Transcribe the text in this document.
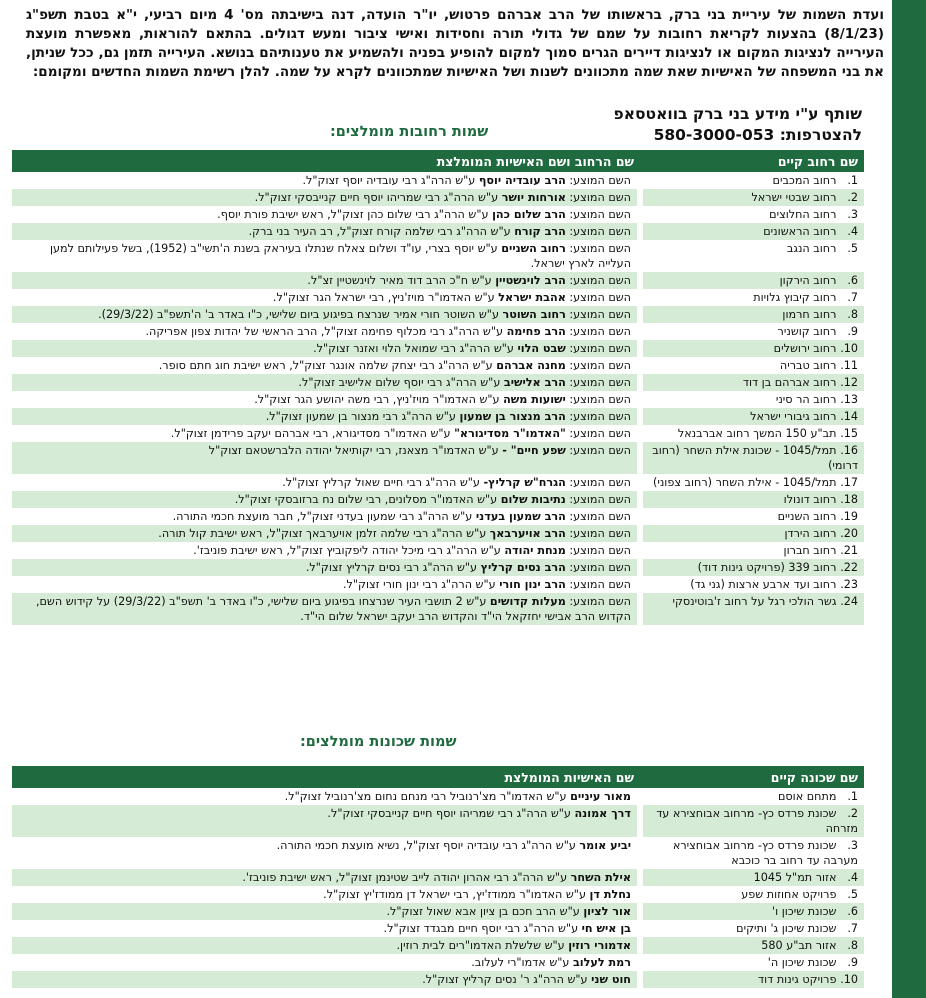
ועדת השמות של עיריית בני ברק, בראשותו של הרב אברהם פרטוש, יו"ר הועדה, דנה בישיבתה מס' 4 מיום רביעי, י"א בטבת תשפ"ג (8/1/23) בהצעות לקריאת רחובות על שמם של גדולי תורה וחסידות ואישי ציבור ומעש דגולים. בהתאם להוראות, מאפשרת מועצת העירייה לנציגות המקום או לנציגות דיירים הגרים סמוך למקום להופיע בפניה ולהשמיע את טענותיהם בנושא. העירייה תזמן גם, ככל שניתן, את בני המשפחה של האישיות שאת שמה מתכוונים לשנות ושל האישיות שמתכוונים לקרא על שמה. להלן רשימת השמות החדשים ומקומם:
שותף ע"י מידע בני ברק בוואטסאפ
להצטרפות: 580-3000-053
שמות רחובות מומלצים:
שם רחוב קיים	שם הרחוב ושם האישיות המומלצת
1. רחוב המכבים	השם המוצע: הרב עובדיה יוסף ע"ש הרה"ג רבי עובדיה יוסף זצוק"ל.
2. רחוב שבטי ישראל	השם המוצע: אורחות יושר ע"ש הרה"ג רבי שמריהו יוסף חיים קנייבסקי זצוק"ל.
3. רחוב החלוצים	השם המוצע: הרב שלום כהן ע"ש הרה"ג רבי שלום כהן זצוק"ל, ראש ישיבת פורת יוסף.
4. רחוב הראשונים	השם המוצע: הרב קורח ע"ש הרה"ג רבי שלמה קורח זצוק"ל, רב העיר בני ברק.
5. רחוב הנגב	השם המוצע: רחוב השניים ע"ש יוסף בצרי, עו"ד ושלום צאלח שנתלו בעיראק בשנת ה'תשי"ב (1952), בשל פעילותם למען העלייה לארץ ישראל.
6. רחוב הירקון	השם המוצע: הרב לוינשטיין ע"ש ח"כ הרב דוד מאיר לוינשטיין זצ"ל.
7. רחוב קיבוץ גלויות	השם המוצע: אהבת ישראל ע"ש האדמו"ר מויז'ניץ, רבי ישראל הגר זצוק"ל.
8. רחוב חרמון	השם המוצע: רחוב השוטר ע"ש השוטר חורי אמיר שנרצח בפיגוע ביום שלישי, כ"ו באדר ב' ה'תשפ"ב (29/3/22).
9. רחוב קושניר	השם המוצע: הרב פחימה ע"ש הרה"ג רבי מכלוף פחימה זצוק"ל, הרב הראשי של יהדות צפון אפריקה.
10. רחוב ירושלים	השם המוצע: שבט הלוי ע"ש הרה"ג רבי שמואל הלוי ואזנר זצוק"ל.
11. רחוב טבריה	השם המוצע: מחנה אברהם ע"ש הרה"ג רבי יצחק שלמה אונגר זצוק"ל, ראש ישיבת חוג חתם סופר.
12. רחוב אברהם בן דוד	השם המוצע: הרב אלישיב ע"ש הרה"ג רבי יוסף שלום אלישיב זצוק"ל.
13. רחוב הר סיני	השם המוצע: ישועות משה ע"ש האדמו"ר מויז'ניץ, רבי משה יהושע הגר זצוק"ל.
14. רחוב גיבורי ישראל	השם המוצע: הרב מנצור בן שמעון ע"ש הרה"ג רבי מנצור בן שמעון זצוק"ל.
15. תב"ע 150 המשך רחוב אברבנאל	השם המוצע: "האדמו"ר מסדיגורא" ע"ש האדמו"ר מסדיגורא, רבי אברהם יעקב פרידמן זצוק"ל.
16. תמל/1045 - שכונת אילת השחר (רחוב דרומי)	השם המוצע: שפע חיים" - ע"ש האדמו"ר מצאנז, רבי יקותיאל יהודה הלברשטאם זצוק"ל
17. תמל/1045 - אילת השחר (רחוב צפוני)	השם המוצע: הגרח"ש קרליץ- ע"ש הרה"ג רבי חיים שאול קרליץ זצוק"ל.
18. רחוב דונולו	השם המוצע: נתיבות שלום ע"ש האדמו"ר מסלונים, רבי שלום נח ברזובסקי זצוק"ל.
19. רחוב השניים	השם המוצע: הרב שמעון בעדני ע"ש הרה"ג רבי שמעון בעדני זצוק"ל, חבר מועצת חכמי התורה.
20. רחוב הירדן	השם המוצע: הרב אויערבאך ע"ש הרה"ג רבי שלמה זלמן אויערבאך זצוק"ל, ראש ישיבת קול תורה.
21. רחוב חברון	השם המוצע: מנחת יהודה ע"ש הרה"ג רבי מיכל יהודה ליפקוביץ זצוק"ל, ראש ישיבת פוניבז'.
22. רחוב 339 (פרויקט גינות דוד)	השם המוצע: הרב נסים קרליץ ע"ש הרה"ג רבי נסים קרליץ זצוק"ל.
23. רחוב ועד ארבע ארצות (גני גד)	השם המוצע: הרב ינון חורי ע"ש הרה"ג רבי ינון חורי זצוק"ל.
24. גשר הולכי רגל על רחוב ז'בוטינסקי	השם המוצע: מעלות קדושים ע"ש 2 תושבי העיר שנרצחו בפיגוע ביום שלישי, כ"ו באדר ב' תשפ"ב (29/3/22) על קידוש השם, הקדוש הרב אבישי יחזקאל הי"ד והקדוש הרב יעקב ישראל שלום הי"ד.
שמות שכונות מומלצים:
שם שכונה קיים	שם האישיות המומלצת
1. מתחם אוסם	מאור עיניים ע"ש האדמו"ר מצ'רנוביל רבי מנחם נחום מצ'רנוביל זצוק"ל.
2. שכונת פרדס כץ- מרחוב אבוחצירא עד מזרחה	דרך אמונה ע"ש הרה"ג רבי שמריהו יוסף חיים קנייבסקי זצוק"ל.
3. שכונת פרדס כץ- מרחוב אבוחצירא מערבה עד רחוב בר כוכבא	יביע אומר ע"ש הרה"ג רבי עובדיה יוסף זצוק"ל, נשיא מועצת חכמי התורה.
4. אזור תמ"ל 1045	אילת השחר ע"ש הרה"ג רבי אהרון יהודה לייב שטינמן זצוק"ל, ראש ישיבת פוניבז'.
5. פרויקט אחוזות שפע	נחלת דן ע"ש האדמו"ר ממודז'יץ, רבי ישראל דן ממודז'יץ זצוק"ל.
6. שכונת שיכון ו'	אור לציון ע"ש הרב חכם בן ציון אבא שאול זצוק"ל.
7. שכונת שיכון ג' ותיקים	בן איש חי ע"ש הרה"ג רבי יוסף חיים מבגדד זצוק"ל.
8. אזור תב"ע 580	אדמורי רוזין ע"ש שלשלת האדמו"רים לבית רוזין.
9. שכונת שיכון ה'	רמת לעלוב ע"ש אדמו"רי לעלוב.
10. פרויקט גינות דוד	חוט שני ע"ש הרה"ג ר' נסים קרליץ זצוק"ל.
